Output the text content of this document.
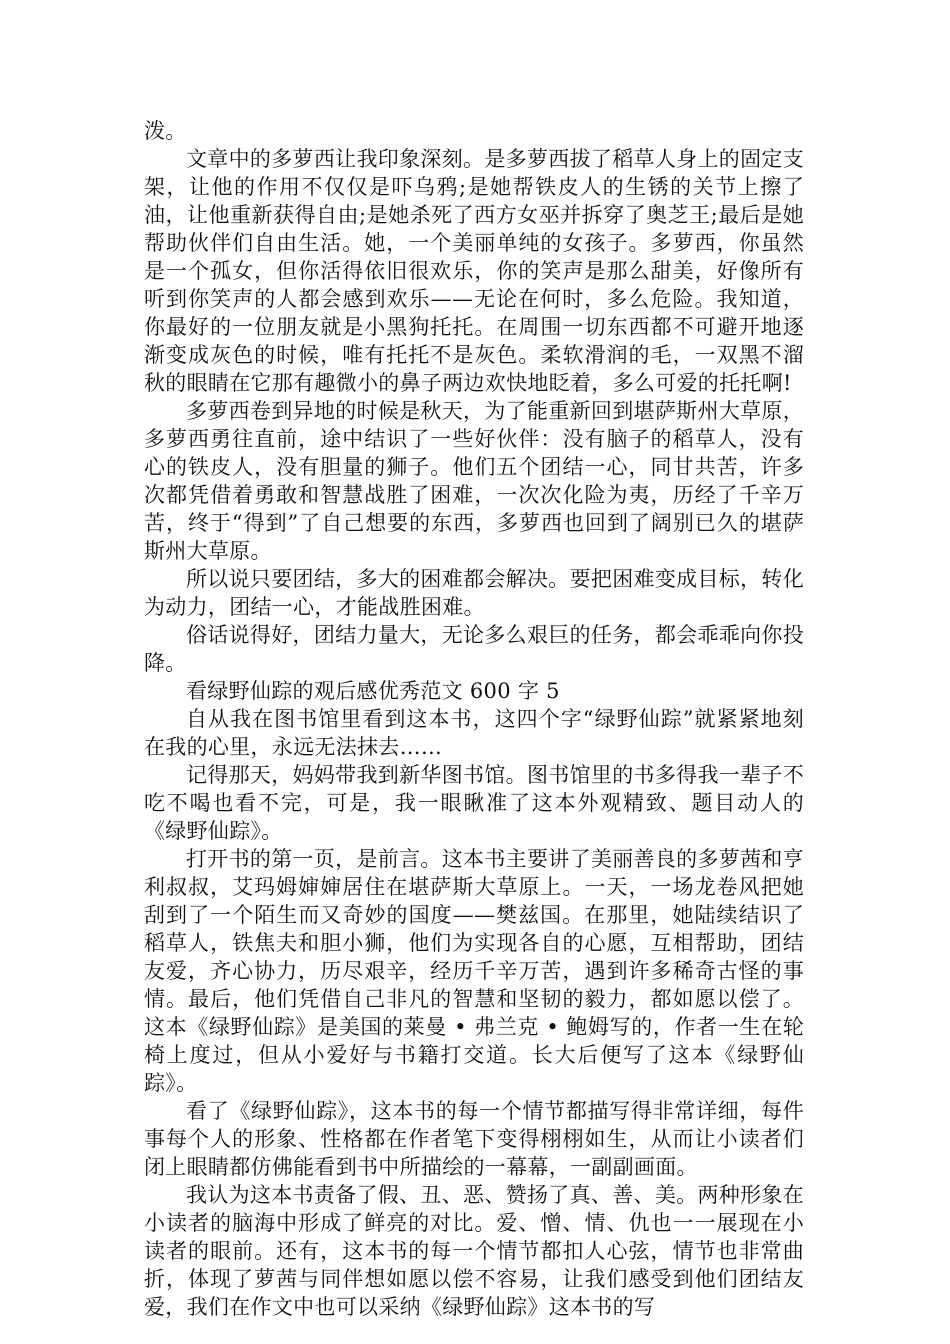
泼。

文章中的多萝西让我印象深刻。是多萝西拔了稻草人身上的固定支架，让他的作用不仅仅是吓乌鸦;是她帮铁皮人的生锈的关节上擦了油，让他重新获得自由;是她杀死了西方女巫并拆穿了奥芝王;最后是她帮助伙伴们自由生活。她，一个美丽单纯的女孩子。多萝西，你虽然是一个孤女，但你活得依旧很欢乐，你的笑声是那么甜美，好像所有听到你笑声的人都会感到欢乐——无论在何时，多么危险。我知道，你最好的一位朋友就是小黑狗托托。在周围一切东西都不可避开地逐渐变成灰色的时候，唯有托托不是灰色。柔软滑润的毛，一双黑不溜秋的眼睛在它那有趣微小的鼻子两边欢快地眨着，多么可爱的托托啊!

多萝西卷到异地的时候是秋天，为了能重新回到堪萨斯州大草原，多萝西勇往直前，途中结识了一些好伙伴：没有脑子的稻草人，没有心的铁皮人，没有胆量的狮子。他们五个团结一心，同甘共苦，许多次都凭借着勇敢和智慧战胜了困难，一次次化险为夷，历经了千辛万苦，终于“得到”了自己想要的东西，多萝西也回到了阔别已久的堪萨斯州大草原。

所以说只要团结，多大的困难都会解决。要把困难变成目标，转化为动力，团结一心，才能战胜困难。

俗话说得好，团结力量大，无论多么艰巨的任务，都会乖乖向你投降。

看绿野仙踪的观后感优秀范文 600 字 5

自从我在图书馆里看到这本书，这四个字“绿野仙踪”就紧紧地刻在我的心里，永远无法抹去……

记得那天，妈妈带我到新华图书馆。图书馆里的书多得我一辈子不吃不喝也看不完，可是，我一眼瞅准了这本外观精致、题目动人的《绿野仙踪》。

打开书的第一页，是前言。这本书主要讲了美丽善良的多萝茜和亨利叔叔，艾玛姆婶婶居住在堪萨斯大草原上。一天，一场龙卷风把她刮到了一个陌生而又奇妙的国度——樊兹国。在那里，她陆续结识了稻草人，铁焦夫和胆小狮，他们为实现各自的心愿，互相帮助，团结友爱，齐心协力，历尽艰辛，经历千辛万苦，遇到许多稀奇古怪的事情。最后，他们凭借自己非凡的智慧和坚韧的毅力，都如愿以偿了。这本《绿野仙踪》是美国的莱曼 • 弗兰克 • 鲍姆写的，作者一生在轮椅上度过，但从小爱好与书籍打交道。长大后便写了这本《绿野仙踪》。

看了《绿野仙踪》，这本书的每一个情节都描写得非常详细，每件事每个人的形象、性格都在作者笔下变得栩栩如生，从而让小读者们闭上眼睛都仿佛能看到书中所描绘的一幕幕，一副副画面。

我认为这本书责备了假、丑、恶、赞扬了真、善、美。两种形象在小读者的脑海中形成了鲜亮的对比。爱、憎、情、仇也一一展现在小读者的眼前。还有，这本书的每一个情节都扣人心弦，情节也非常曲折，体现了萝茜与同伴想如愿以偿不容易，让我们感受到他们团结友爱，我们在作文中也可以采纳《绿野仙踪》这本书的写
